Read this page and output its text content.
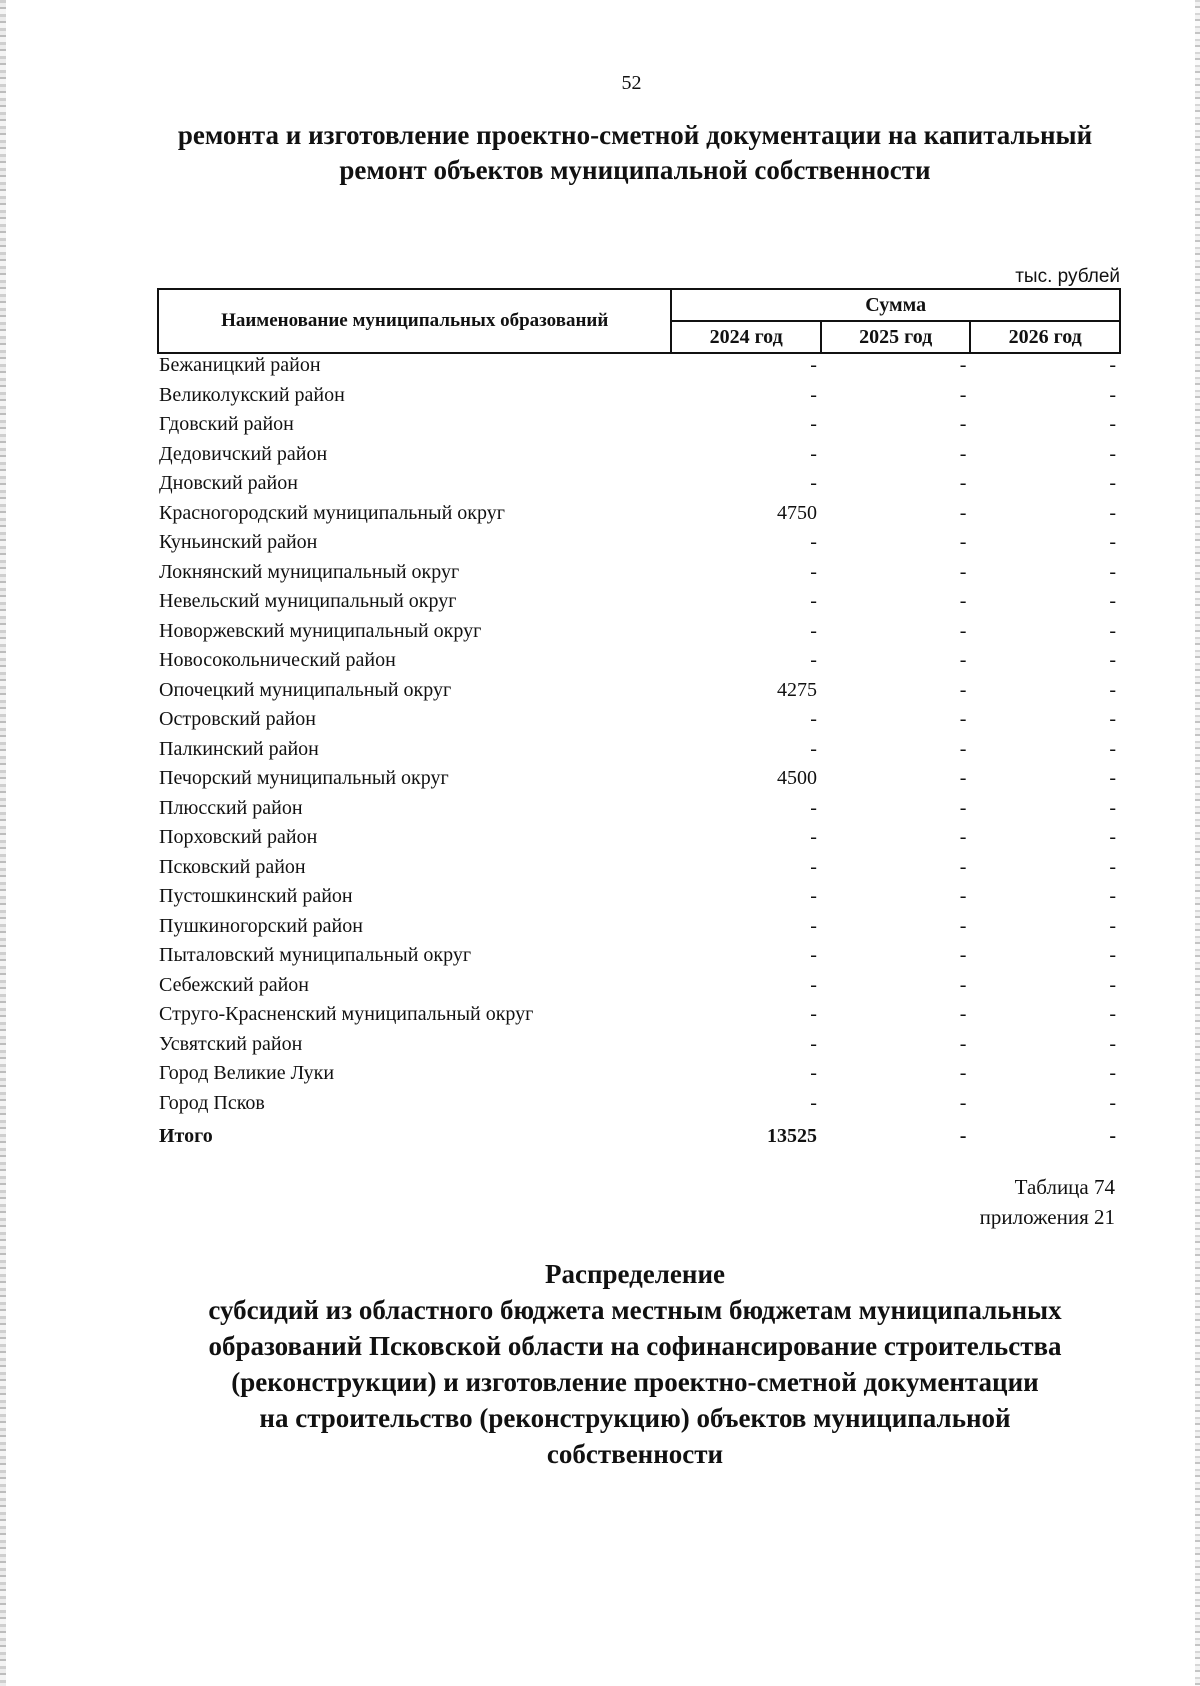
52
ремонта и изготовление проектно-сметной документации на капитальный
ремонт объектов муниципальной собственности
тыс. рублей
Наименование муниципальных образований	Сумма		
	2024 год	2025 год	2026 год
Бежаницкий район	-	-	-
Великолукский район	-	-	-
Гдовский район	-	-	-
Дедовичский район	-	-	-
Дновский район	-	-	-
Красногородский муниципальный округ	4750	-	-
Куньинский район	-	-	-
Локнянский муниципальный округ	-	-	-
Невельский муниципальный округ	-	-	-
Новоржевский муниципальный округ	-	-	-
Новосокольнический район	-	-	-
Опочецкий муниципальный округ	4275	-	-
Островский район	-	-	-
Палкинский район	-	-	-
Печорский муниципальный округ	4500	-	-
Плюсский район	-	-	-
Порховский район	-	-	-
Псковский район	-	-	-
Пустошкинский район	-	-	-
Пушкиногорский район	-	-	-
Пыталовский муниципальный округ	-	-	-
Себежский район	-	-	-
Струго-Красненский муниципальный округ	-	-	-
Усвятский район	-	-	-
Город Великие Луки	-	-	-
Город Псков	-	-	-
Итого	13525	-	-
Таблица 74
приложения 21
Распределение
субсидий из областного бюджета местным бюджетам муниципальных
образований Псковской области на софинансирование строительства
(реконструкции) и изготовление проектно-сметной документации
на строительство (реконструкцию) объектов муниципальной
собственности
